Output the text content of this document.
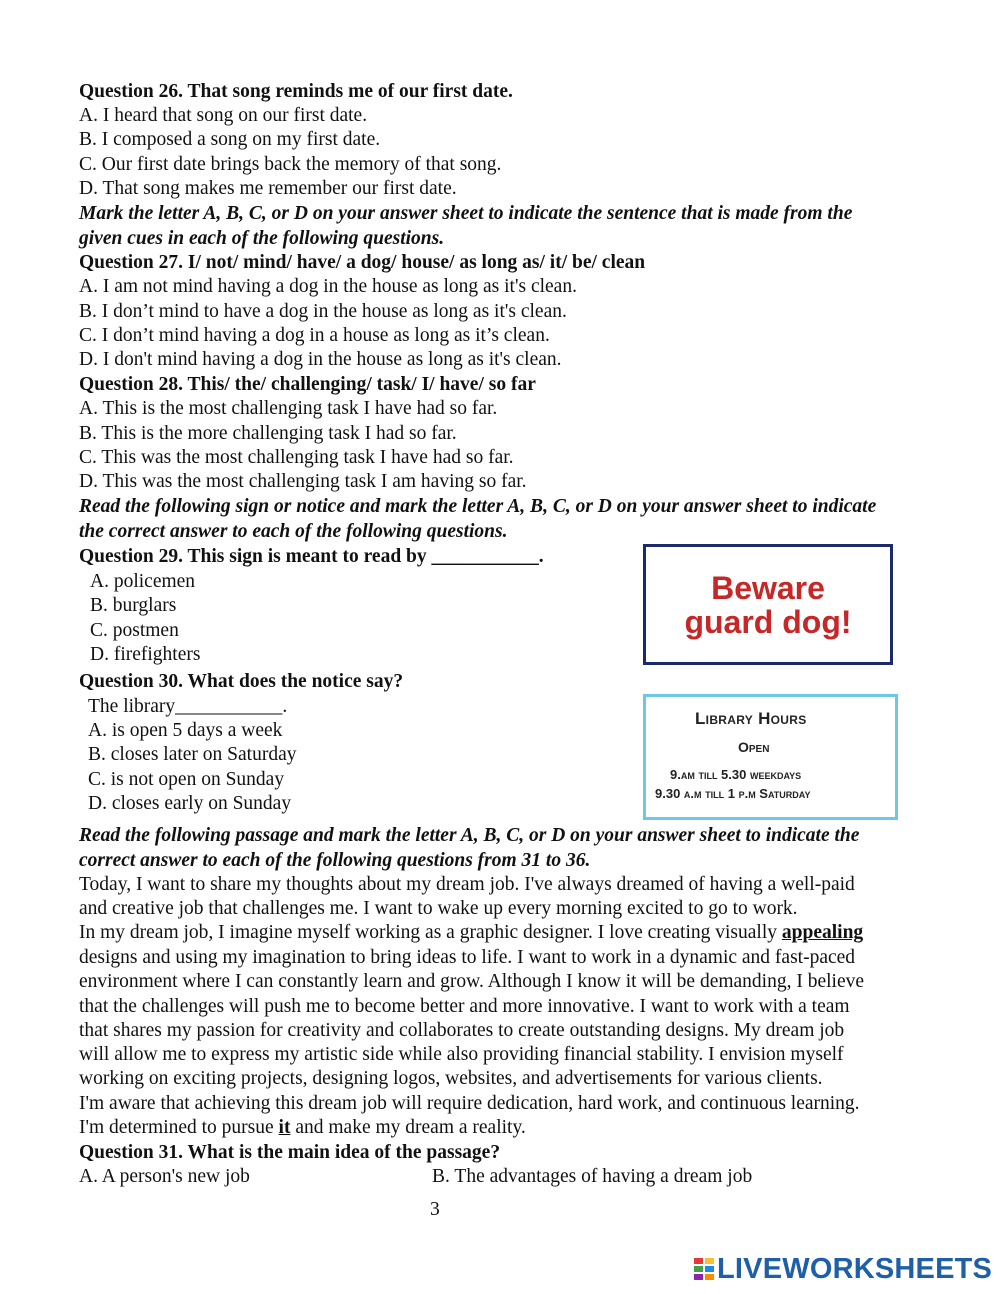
Question 26. That song reminds me of our first date.
A. I heard that song on our first date.
B. I composed a song on my first date.
C. Our first date brings back the memory of that song.
D. That song makes me remember our first date.
Mark the letter A, B, C, or D on your answer sheet to indicate the sentence that is made from the
given cues in each of the following questions.
Question 27. I/ not/ mind/ have/ a dog/ house/ as long as/ it/ be/ clean
A. I am not mind having a dog in the house as long as it's clean.
B. I don’t mind to have a dog in the house as long as it's clean.
C. I don’t mind having a dog in a house as long as it’s clean.
D. I don't mind having a dog in the house as long as it's clean.
Question 28. This/ the/ challenging/ task/ I/ have/ so far
A. This is the most challenging task I have had so far.
B. This is the more challenging task I had so far.
C. This was the most challenging task I have had so far.
D. This was the most challenging task I am having so far.
Read the following sign or notice and mark the letter A, B, C, or D on your answer sheet to indicate
the correct answer to each of the following questions.
Question 29. This sign is meant to read by ___________.
A. policemen
B. burglars
C. postmen
D. firefighters
Beware
guard dog!
Question 30. What does the notice say?
The library___________.
A. is open 5 days a week
B. closes later on Saturday
C. is not open on Sunday
D. closes early on Sunday
Library Hours
Open
9.am till 5.30 weekdays
9.30 a.m till 1 p.m Saturday
Read the following passage and mark the letter A, B, C, or D on your answer sheet to indicate the
correct answer to each of the following questions from 31 to 36.
Today, I want to share my thoughts about my dream job. I've always dreamed of having a well-paid
and creative job that challenges me. I want to wake up every morning excited to go to work.
In my dream job, I imagine myself working as a graphic designer. I love creating visually appealing
designs and using my imagination to bring ideas to life. I want to work in a dynamic and fast-paced
environment where I can constantly learn and grow. Although I know it will be demanding, I believe
that the challenges will push me to become better and more innovative. I want to work with a team
that shares my passion for creativity and collaborates to create outstanding designs. My dream job
will allow me to express my artistic side while also providing financial stability. I envision myself
working on exciting projects, designing logos, websites, and advertisements for various clients.
I'm aware that achieving this dream job will require dedication, hard work, and continuous learning.
I'm determined to pursue it and make my dream a reality.
Question 31. What is the main idea of the passage?
A. A person's new job	B. The advantages of having a dream job
3
LIVEWORKSHEETS
